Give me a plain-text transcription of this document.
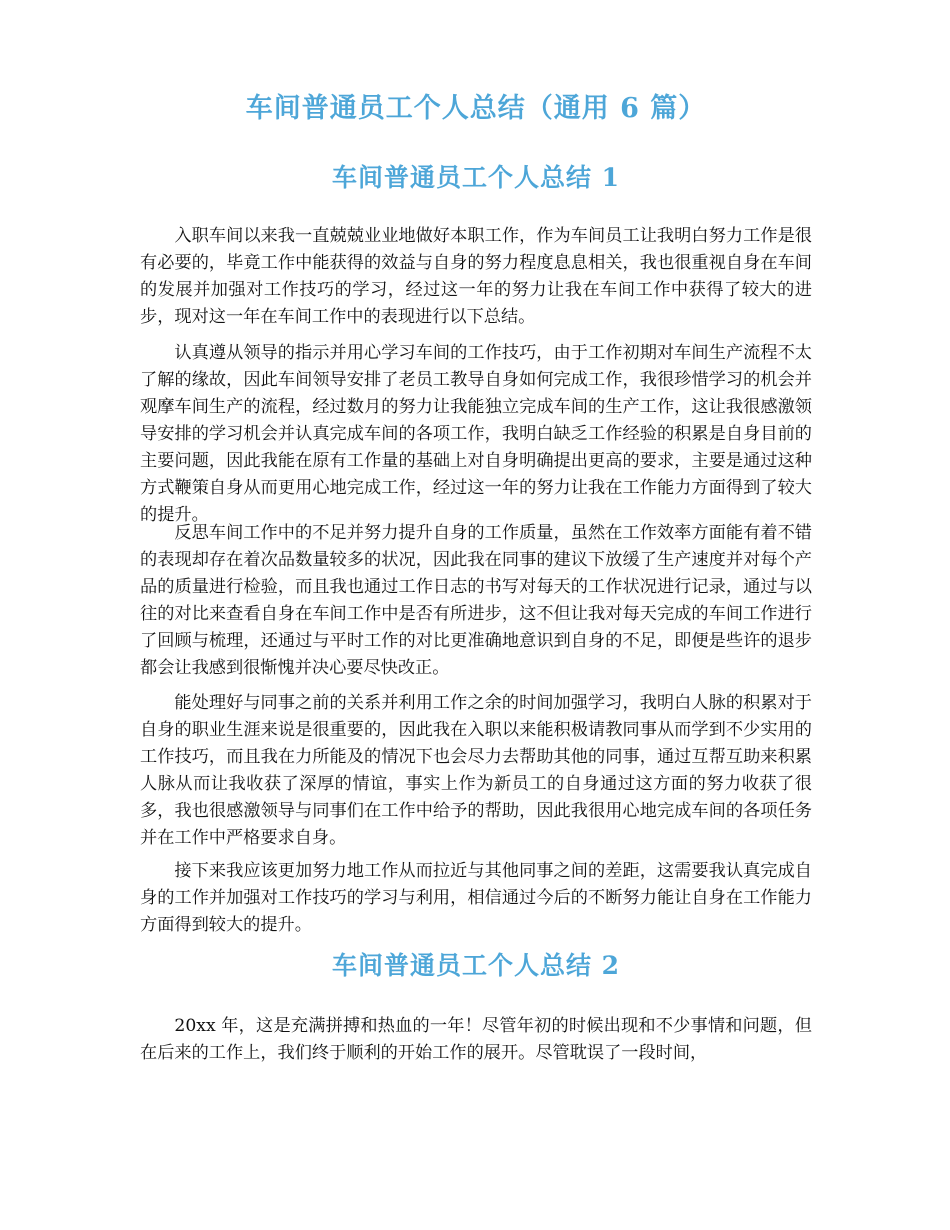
车间普通员工个人总结（通用 6 篇）
车间普通员工个人总结 1

入职车间以来我一直兢兢业业地做好本职工作，作为车间员工让我明白努力工作是很有必要的，毕竟工作中能获得的效益与自身的努力程度息息相关，我也很重视自身在车间的发展并加强对工作技巧的学习，经过这一年的努力让我在车间工作中获得了较大的进步，现对这一年在车间工作中的表现进行以下总结。

认真遵从领导的指示并用心学习车间的工作技巧，由于工作初期对车间生产流程不太了解的缘故，因此车间领导安排了老员工教导自身如何完成工作，我很珍惜学习的机会并观摩车间生产的流程，经过数月的努力让我能独立完成车间的生产工作，这让我很感激领导安排的学习机会并认真完成车间的各项工作，我明白缺乏工作经验的积累是自身目前的主要问题，因此我能在原有工作量的基础上对自身明确提出更高的要求，主要是通过这种方式鞭策自身从而更用心地完成工作，经过这一年的努力让我在工作能力方面得到了较大的提升。

反思车间工作中的不足并努力提升自身的工作质量，虽然在工作效率方面能有着不错的表现却存在着次品数量较多的状况，因此我在同事的建议下放缓了生产速度并对每个产品的质量进行检验，而且我也通过工作日志的书写对每天的工作状况进行记录，通过与以往的对比来查看自身在车间工作中是否有所进步，这不但让我对每天完成的车间工作进行了回顾与梳理，还通过与平时工作的对比更准确地意识到自身的不足，即便是些许的退步都会让我感到很惭愧并决心要尽快改正。

能处理好与同事之前的关系并利用工作之余的时间加强学习，我明白人脉的积累对于自身的职业生涯来说是很重要的，因此我在入职以来能积极请教同事从而学到不少实用的工作技巧，而且我在力所能及的情况下也会尽力去帮助其他的同事，通过互帮互助来积累人脉从而让我收获了深厚的情谊，事实上作为新员工的自身通过这方面的努力收获了很多，我也很感激领导与同事们在工作中给予的帮助，因此我很用心地完成车间的各项任务并在工作中严格要求自身。

接下来我应该更加努力地工作从而拉近与其他同事之间的差距，这需要我认真完成自身的工作并加强对工作技巧的学习与利用，相信通过今后的不断努力能让自身在工作能力方面得到较大的提升。

车间普通员工个人总结 2

20xx 年，这是充满拼搏和热血的一年！尽管年初的时候出现和不少事情和问题，但在后来的工作上，我们终于顺利的开始工作的展开。尽管耽误了一段时间，
